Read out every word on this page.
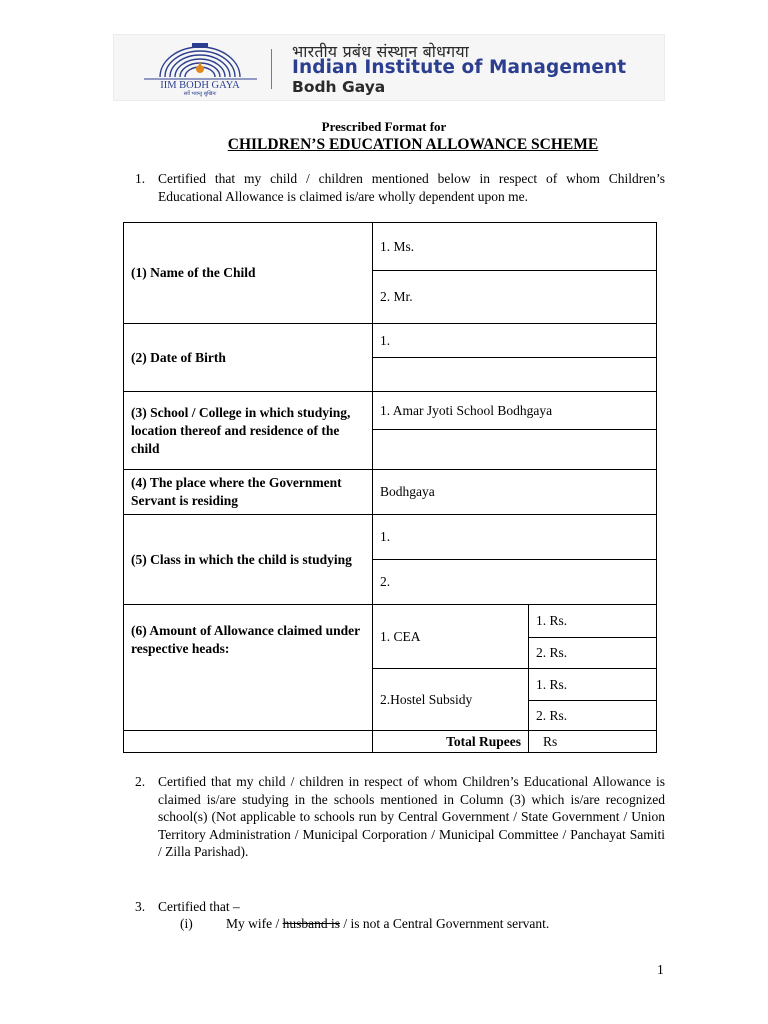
IIM BODH GAYA
सर्वे भवन्तु सुखिनः
भारतीय प्रबंध संस्थान बोधगया
Indian Institute of Management
Bodh Gaya
Prescribed Format for
CHILDREN’S EDUCATION ALLOWANCE SCHEME
1. Certified that my child / children mentioned below in respect of whom Children’s Educational Allowance is claimed is/are wholly dependent upon me.
(1) Name of the Child	1. Ms.	
	2. Mr.	
(2) Date of Birth	1.	

(3) School / College in which studying, location thereof and residence of the child	1. Amar Jyoti School Bodhgaya	

(4) The place where the Government Servant is residing	Bodhgaya	
(5) Class in which the child is studying	1.	
	2.	
(6) Amount of Allowance claimed under respective heads:	1. CEA	1. Rs.
		2. Rs.
	2.Hostel Subsidy	1. Rs.
		2. Rs.
	Total Rupees	Rs
2. Certified that my child / children in respect of whom Children’s Educational Allowance is claimed is/are studying in the schools mentioned in Column (3) which is/are recognized school(s) (Not applicable to schools run by Central Government / State Government / Union Territory Administration / Municipal Corporation / Municipal Committee / Panchayat Samiti / Zilla Parishad).
3. Certified that –
(i) My wife / husband is / is not a Central Government servant.
1
